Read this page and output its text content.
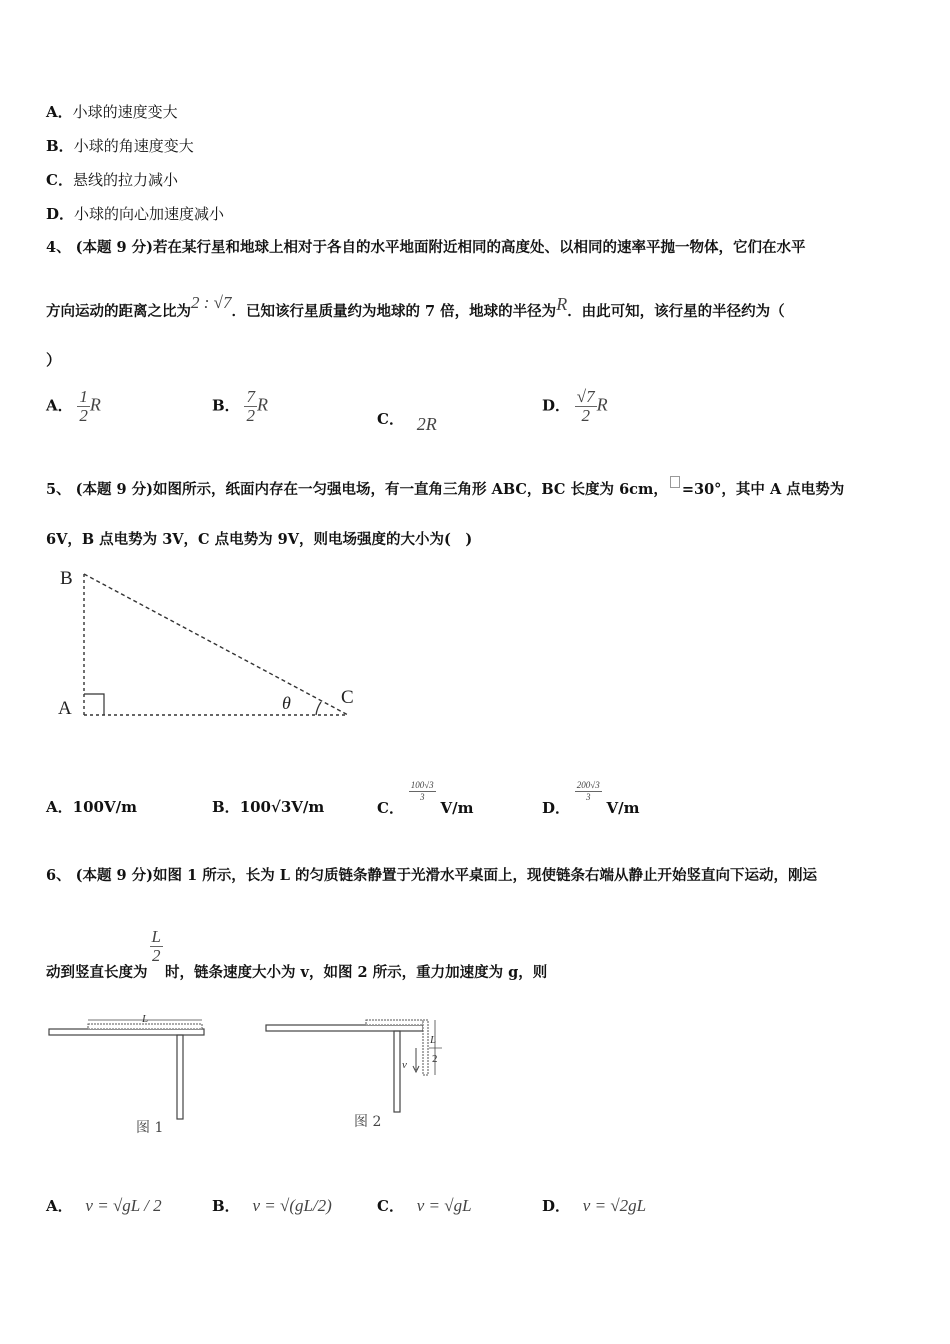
A．小球的速度变大
B．小球的角速度变大
C．悬线的拉力减小
D．小球的向心加速度减小
4、 (本题 9 分)若在某行星和地球上相对于各自的水平地面附近相同的高度处、以相同的速率平抛一物体，它们在水平
方向运动的距离之比为2 : √7．已知该行星质量约为地球的 7 倍，地球的半径为R．由此可知，该行星的半径约为（
）
A． $\frac{1}{2}$ R	B． $\frac{7}{2}$ R
C． 2R
D． $\frac{√7}{2}$ R
5、 (本题 9 分)如图所示，纸面内存在一匀强电场，有一直角三角形 ABC，BC 长度为 6cm， =30°，其中 A 点电势为
6V，B 点电势为 3V，C 点电势为 9V，则电场强度的大小为(　)
B
A
C
θ
A．100V/m	B．100√3V/m	C．
$\frac{100√3}{3}$
V/m	D．
$\frac{200√3}{3}$
V/m
6、 (本题 9 分)如图 1 所示，长为 L 的匀质链条静置于光滑水平桌面上，现使链条右端从静止开始竖直向下运动，刚运
动到竖直长度为
$\frac{L}{2}$
时，链条速度大小为 v，如图 2 所示，重力加速度为 g，则
L
图 1
v
L
2
图 2
A． v = √gL / 2	B． v = √(gL/2)	C． v = √gL	D． v = √2gL
